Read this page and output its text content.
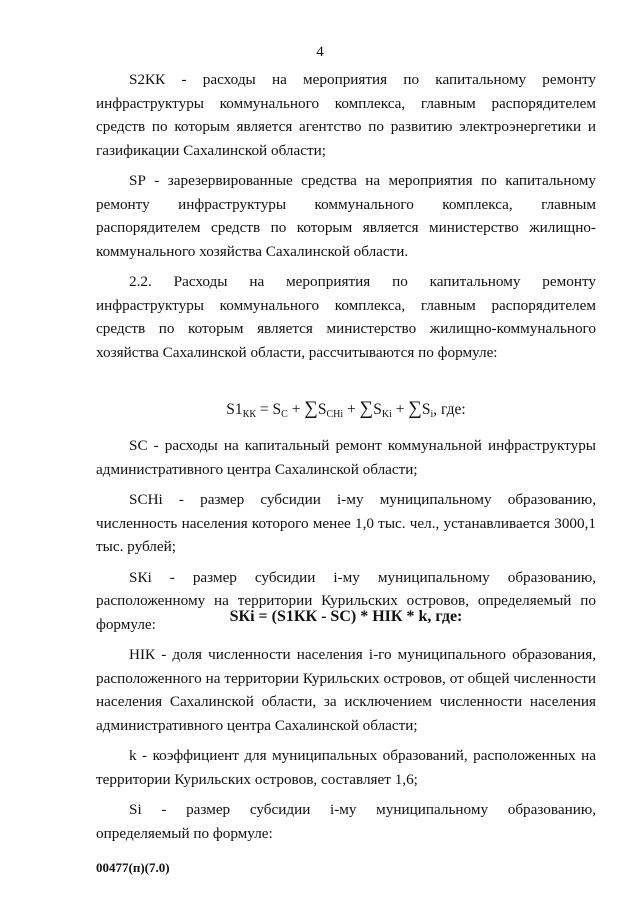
4

S2КК - расходы на мероприятия по капитальному ремонту инфраструктуры коммунального комплекса, главным распорядителем средств по которым является агентство по развитию электроэнергетики и газификации Сахалинской области;

SР - зарезервированные средства на мероприятия по капитальному ремонту инфраструктуры коммунального комплекса, главным распорядителем средств по которым является министерство жилищно-коммунального хозяйства Сахалинской области.

2.2. Расходы на мероприятия по капитальному ремонту инфраструктуры коммунального комплекса, главным распорядителем средств по которым является министерство жилищно-коммунального хозяйства Сахалинской области, рассчитываются по формуле:

$S1_{КК} = S_С + \sum S_{СНi} + \sum S_{Ki} + \sum S_i$, где:

SС - расходы на капитальный ремонт коммунальной инфраструктуры административного центра Сахалинской области;

SСНi - размер субсидии i-му муниципальному образованию, численность населения которого менее 1,0 тыс. чел., устанавливается 3000,1 тыс. рублей;

SКi - размер субсидии i-му муниципальному образованию, расположенному на территории Курильских островов, определяемый по формуле:	SКi = (S1КК - SС) * HIК * k, где:

HIК - доля численности населения i-го муниципального образования, расположенного на территории Курильских островов, от общей численности населения Сахалинской области, за исключением численности населения административного центра Сахалинской области;

k - коэффициент для муниципальных образований, расположенных на территории Курильских островов, составляет 1,6;

Si - размер субсидии i-му муниципальному образованию, определяемый по формуле:

00477(п)(7.0)
